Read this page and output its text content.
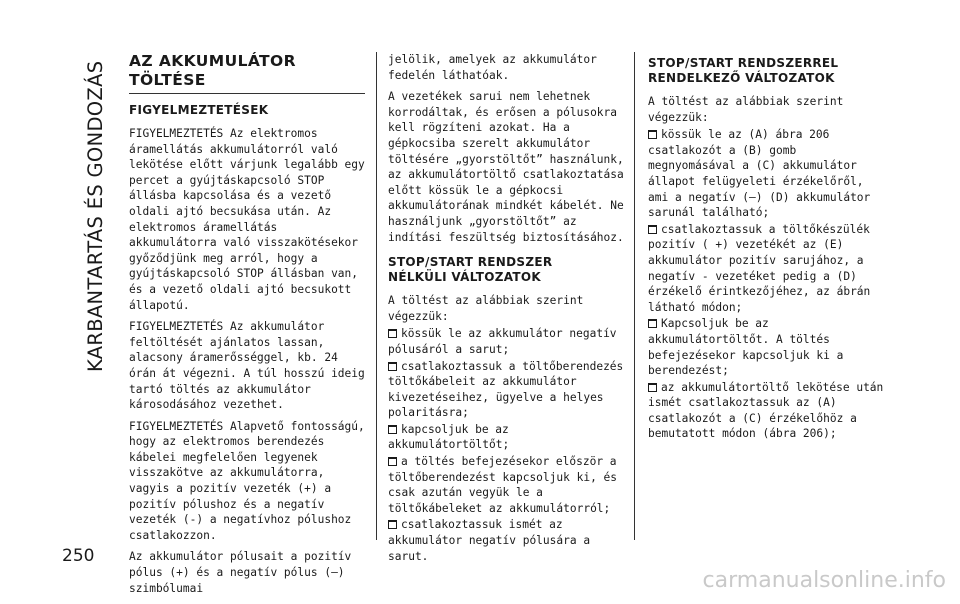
KARBANTARTÁS ÉS GONDOZÁS
250
carmanualsonline.info
AZ AKKUMULÁTOR TÖLTÉSE
FIGYELMEZTETÉSEK

FIGYELMEZTETÉS Az elektromos áramellátás akkumulátorról való lekötése előtt várjunk legalább egy percet a gyújtáskapcsoló STOP állásba kapcsolása és a vezető oldali ajtó becsukása után. Az elektromos áramellátás akkumulátorra való visszakötésekor győződjünk meg arról, hogy a gyújtáskapcsoló STOP állásban van, és a vezető oldali ajtó becsukott állapotú.

FIGYELMEZTETÉS Az akkumulátor feltöltését ajánlatos lassan, alacsony áramerősséggel, kb. 24 órán át végezni. A túl hosszú ideig tartó töltés az akkumulátor károsodásához vezethet.

FIGYELMEZTETÉS Alapvető fontosságú, hogy az elektromos berendezés kábelei megfelelően legyenek visszakötve az akkumulátorra, vagyis a pozitív vezeték (+) a pozitív pólushoz és a negatív vezeték (-) a negatívhoz pólushoz csatlakozzon.

Az akkumulátor pólusait a pozitív pólus (+) és a negatív pólus (–) szimbólumai

jelölik, amelyek az akkumulátor fedelén láthatóak.

A vezetékek sarui nem lehetnek korrodáltak, és erősen a pólusokra kell rögzíteni azokat. Ha a gépkocsiba szerelt akkumulátor töltésére „gyorstöltőt” használunk, az akkumulátortöltő csatlakoztatása előtt kössük le a gépkocsi akkumulátorának mindkét kábelét. Ne használjunk „gyorstöltőt” az indítási feszültség biztosításához.

STOP/START RENDSZER NÉLKÜLI VÁLTOZATOK

A töltést az alábbiak szerint végezzük:

kössük le az akkumulátor negatív pólusáról a sarut;
csatlakoztassuk a töltőberendezés töltőkábeleit az akkumulátor kivezetéseihez, ügyelve a helyes polaritásra;
kapcsoljuk be az akkumulátortöltőt;
a töltés befejezésekor először a töltőberendezést kapcsoljuk ki, és csak azután vegyük le a töltőkábeleket az akkumulátorról;
csatlakoztassuk ismét az akkumulátor negatív pólusára a sarut.
STOP/START RENDSZERREL RENDELKEZŐ VÁLTOZATOK

A töltést az alábbiak szerint végezzük:

kössük le az (A) ábra 206 csatlakozót a (B) gomb megnyomásával a (C) akkumulátor állapot felügyeleti érzékelőről, ami a negatív (–) (D) akkumulátor sarunál található;
csatlakoztassuk a töltőkészülék pozitív ( +) vezetékét az (E) akkumulátor pozitív sarujához, a negatív - vezetéket pedig a (D) érzékelő érintkezőjéhez, az ábrán látható módon;
Kapcsoljuk be az akkumulátortöltőt. A töltés befejezésekor kapcsoljuk ki a berendezést;
az akkumulátortöltő lekötése után ismét csatlakoztassuk az (A) csatlakozót a (C) érzékelőhöz a bemutatott módon (ábra 206);
